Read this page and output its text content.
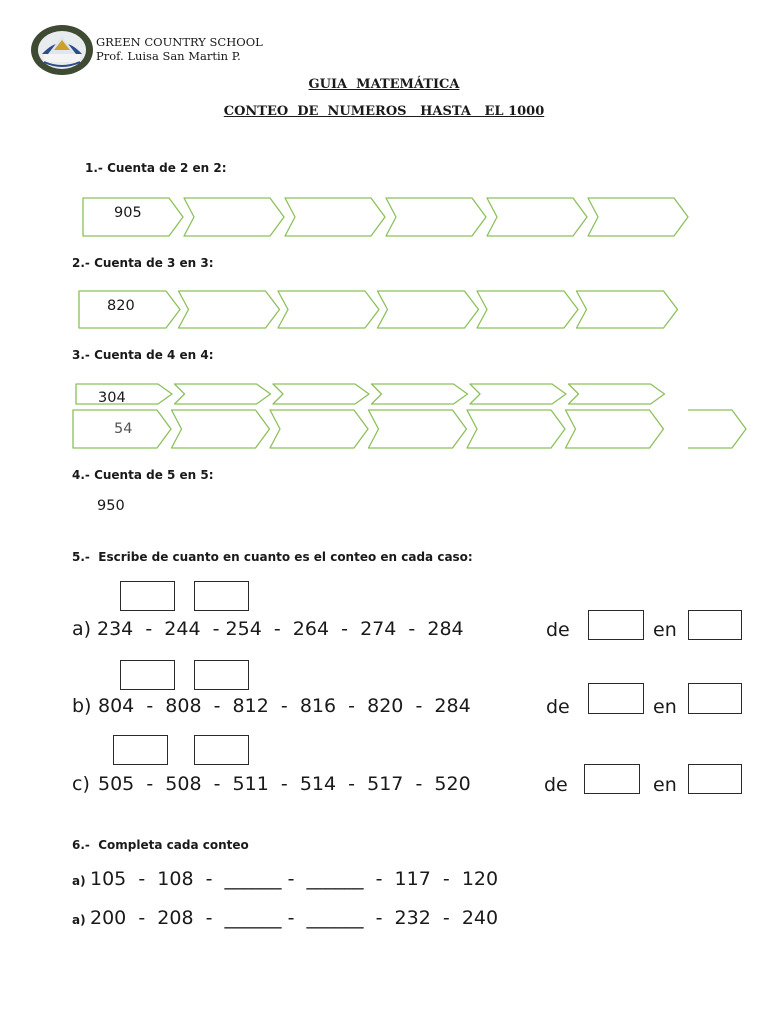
GREEN COUNTRY SCHOOL
Prof. Luisa San Martin P.
GUIA  MATEMÁTICA
CONTEO  DE  NUMEROS   HASTA   EL 1000
1.- Cuenta de 2 en 2:
2.- Cuenta de 3 en 3:
3.- Cuenta de 4 en 4:
4.- Cuenta de 5 en 5:
5.-  Escribe de cuanto en cuanto es el conteo en cada caso:
6.-  Completa cada conteo
905
820
304
54
950
a) 234  -  244  - 254  -  264  -  274  -  284	de	en
b) 804  -  808  -  812  -  816  -  820  -  284	de	en
c) 505  -  508  -  511  -  514  -  517  -  520	de	en
a) 105  -  108  -  ______ -  ______  -  117  -  120
a) 200  -  208  -  ______ -  ______  -  232  -  240
